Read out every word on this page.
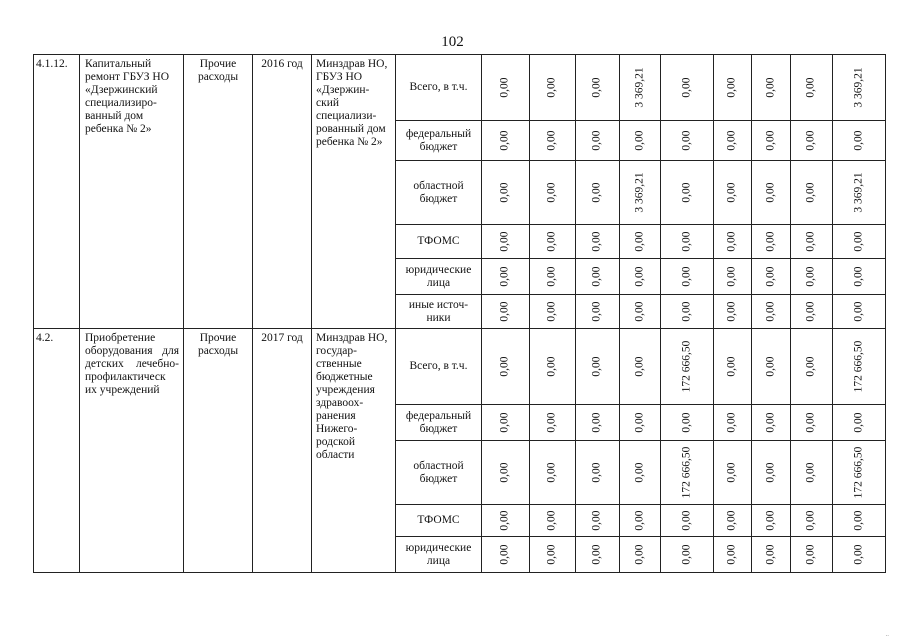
102
4.1.12.	Капитальный ремонт ГБУЗ НО «Дзержинский специализиро-ванный дом ребенка № 2»	Прочие расходы	2016 год	Минздрав НО, ГБУЗ НО «Дзержин-ский специализи-рованный дом ребенка № 2»	Всего, в т.ч.	0,00	0,00	0,00	3 369,21	0,00	0,00	0,00	0,00	3 369,21
					федеральный бюджет	0,00	0,00	0,00	0,00	0,00	0,00	0,00	0,00	0,00
					областной бюджет	0,00	0,00	0,00	3 369,21	0,00	0,00	0,00	0,00	3 369,21
					ТФОМС	0,00	0,00	0,00	0,00	0,00	0,00	0,00	0,00	0,00
					юридические лица	0,00	0,00	0,00	0,00	0,00	0,00	0,00	0,00	0,00
					иные источ-ники	0,00	0,00	0,00	0,00	0,00	0,00	0,00	0,00	0,00
4.2.	Приобретение оборудования для детских лечебно-профилактическ их учреждений	Прочие расходы	2017 год	Минздрав НО, государ-ственные бюджетные учреждения здравоох-ранения Нижего-родской области	Всего, в т.ч.	0,00	0,00	0,00	0,00	172 666,50	0,00	0,00	0,00	172 666,50
					федеральный бюджет	0,00	0,00	0,00	0,00	0,00	0,00	0,00	0,00	0,00
					областной бюджет	0,00	0,00	0,00	0,00	172 666,50	0,00	0,00	0,00	172 666,50
					ТФОМС	0,00	0,00	0,00	0,00	0,00	0,00	0,00	0,00	0,00
					юридические лица	0,00	0,00	0,00	0,00	0,00	0,00	0,00	0,00	0,00
..
